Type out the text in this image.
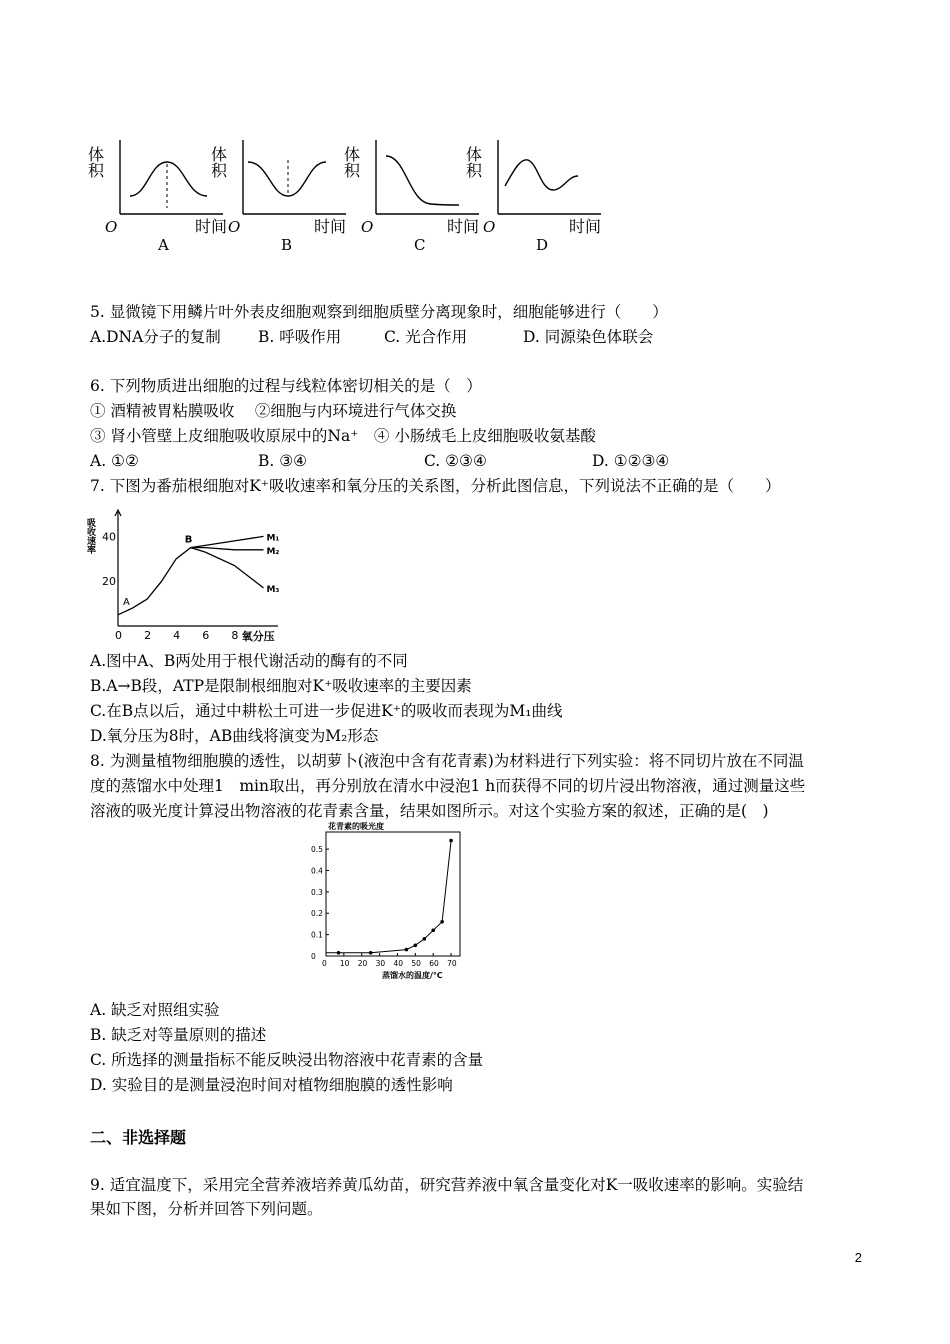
体积
O	时间
A
体积
O	时间
B
体积
O	时间
C
体积
O	时间
D
5. 显微镜下用鳞片叶外表皮细胞观察到细胞质壁分离现象时，细胞能够进行（　　）
A.DNA分子的复制 B. 呼吸作用	C. 光合作用	D. 同源染色体联会
6. 下列物质进出细胞的过程与线粒体密切相关的是（　）
① 酒精被胃粘膜吸收　 ②细胞与内环境进行气体交换
③ 肾小管壁上皮细胞吸收原尿中的Na⁺　④ 小肠绒毛上皮细胞吸收氨基酸
A. ①②	B. ③④	C. ②③④	D. ①②③④
7. 下图为番茄根细胞对K⁺吸收速率和氧分压的关系图，分析此图信息，下列说法不正确的是（　　）
吸收速率
0 2 4 6 8
20
40
氧分压
M₁
M₂
M₃
A
B
A.图中A、B两处用于根代谢活动的酶有的不同
B.A→B段，ATP是限制根细胞对K⁺吸收速率的主要因素
C.在B点以后，通过中耕松土可进一步促进K⁺的吸收而表现为M₁曲线
D.氧分压为8时，AB曲线将演变为M₂形态
8. 为测量植物细胞膜的透性，以胡萝卜(液泡中含有花青素)为材料进行下列实验：将不同切片放在不同温
度的蒸馏水中处理1　min取出，再分别放在清水中浸泡1 h而获得不同的切片浸出物溶液，通过测量这些
溶液的吸光度计算浸出物溶液的花青素含量，结果如图所示。对这个实验方案的叙述，正确的是(　)
花青素的吸光度
0
0.1
0.2
0.3
0.4
0.5
0 10 20 30 40 50 60 70
蒸馏水的温度/℃
A. 缺乏对照组实验
B. 缺乏对等量原则的描述
C. 所选择的测量指标不能反映浸出物溶液中花青素的含量
D. 实验目的是测量浸泡时间对植物细胞膜的透性影响
二、非选择题
9. 适宜温度下，采用完全营养液培养黄瓜幼苗，研究营养液中氧含量变化对K一吸收速率的影响。实验结
果如下图，分析并回答下列问题。
2
